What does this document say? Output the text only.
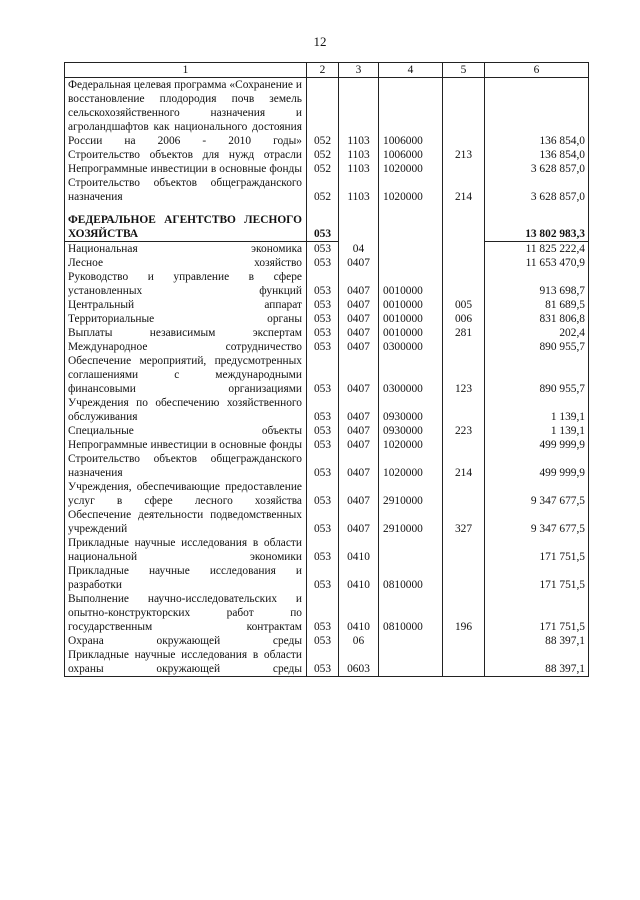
12
1	2	3	4	5	6
Федеральная целевая программа «Сохранение и восстановление плодородия почв земель сельскохозяйственного назначения и агроландшафтов как национального достояния России на 2006 - 2010 годы»	052	1103	1006000		136 854,0
Строительство объектов для нужд отрасли	052	1103	1006000	213	136 854,0
Непрограммные инвестиции в основные фонды	052	1103	1020000		3 628 857,0
Строительство объектов общегражданского назначения	052	1103	1020000	214	3 628 857,0

ФЕДЕРАЛЬНОЕ АГЕНТСТВО ЛЕСНОГО ХОЗЯЙСТВА	053				13 802 983,3
Национальная экономика	053	04			11 825 222,4
Лесное хозяйство	053	0407			11 653 470,9
Руководство и управление в сфере установленных функций	053	0407	0010000		913 698,7
Центральный аппарат	053	0407	0010000	005	81 689,5
Территориальные органы	053	0407	0010000	006	831 806,8
Выплаты независимым экспертам	053	0407	0010000	281	202,4
Международное сотрудничество	053	0407	0300000		890 955,7
Обеспечение мероприятий, предусмотренных соглашениями с международными финансовыми организациями	053	0407	0300000	123	890 955,7
Учреждения по обеспечению хозяйственного обслуживания	053	0407	0930000		1 139,1
Специальные объекты	053	0407	0930000	223	1 139,1
Непрограммные инвестиции в основные фонды	053	0407	1020000		499 999,9
Строительство объектов общегражданского назначения	053	0407	1020000	214	499 999,9
Учреждения, обеспечивающие предоставление услуг в сфере лесного хозяйства	053	0407	2910000		9 347 677,5
Обеспечение деятельности подведомственных учреждений	053	0407	2910000	327	9 347 677,5
Прикладные научные исследования в области национальной экономики	053	0410			171 751,5
Прикладные научные исследования и разработки	053	0410	0810000		171 751,5
Выполнение научно-исследовательских и опытно-конструкторских работ по государственным контрактам	053	0410	0810000	196	171 751,5
Охрана окружающей среды	053	06			88 397,1
Прикладные научные исследования в области охраны окружающей среды	053	0603			88 397,1
